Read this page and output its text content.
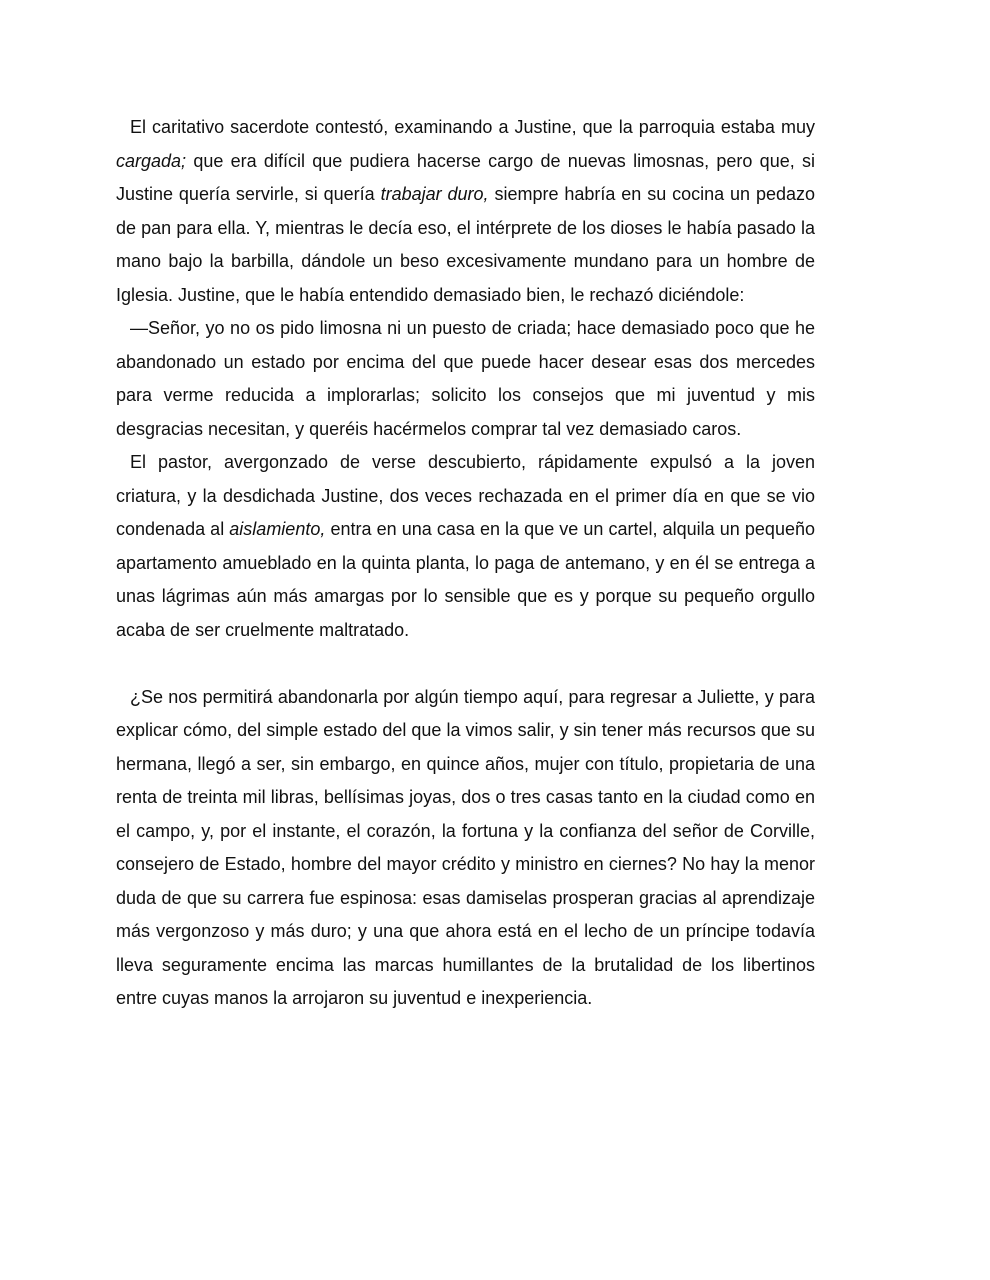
El caritativo sacerdote contestó, examinando a Justine, que la parroquia estaba muy cargada; que era difícil que pudiera hacerse cargo de nuevas limosnas, pero que, si Justine quería servirle, si quería trabajar duro, siempre habría en su cocina un pedazo de pan para ella. Y, mientras le decía eso, el intérprete de los dioses le había pasado la mano bajo la barbilla, dándole un beso excesivamente mundano para un hombre de Iglesia. Justine, que le había entendido demasiado bien, le rechazó diciéndole:

—Señor, yo no os pido limosna ni un puesto de criada; hace demasiado poco que he abandonado un estado por encima del que puede hacer desear esas dos mercedes para verme reducida a implorarlas; solicito los consejos que mi juventud y mis desgracias necesitan, y queréis hacérmelos comprar tal vez demasiado caros.

El pastor, avergonzado de verse descubierto, rápidamente expulsó a la joven criatura, y la desdichada Justine, dos veces rechazada en el primer día en que se vio condenada al aislamiento, entra en una casa en la que ve un cartel, alquila un pequeño apartamento amueblado en la quinta planta, lo paga de antemano, y en él se entrega a unas lágrimas aún más amargas por lo sensible que es y porque su pequeño orgullo acaba de ser cruelmente maltratado.

¿Se nos permitirá abandonarla por algún tiempo aquí, para regresar a Juliette, y para explicar cómo, del simple estado del que la vimos salir, y sin tener más recursos que su hermana, llegó a ser, sin embargo, en quince años, mujer con título, propietaria de una renta de treinta mil libras, bellísimas joyas, dos o tres casas tanto en la ciudad como en el campo, y, por el instante, el corazón, la fortuna y la confianza del señor de Corville, consejero de Estado, hombre del mayor crédito y ministro en ciernes? No hay la menor duda de que su carrera fue espinosa: esas damiselas prosperan gracias al aprendizaje más vergonzoso y más duro; y una que ahora está en el lecho de un príncipe todavía lleva seguramente encima las marcas humillantes de la brutalidad de los libertinos entre cuyas manos la arrojaron su juventud e inexperiencia.
